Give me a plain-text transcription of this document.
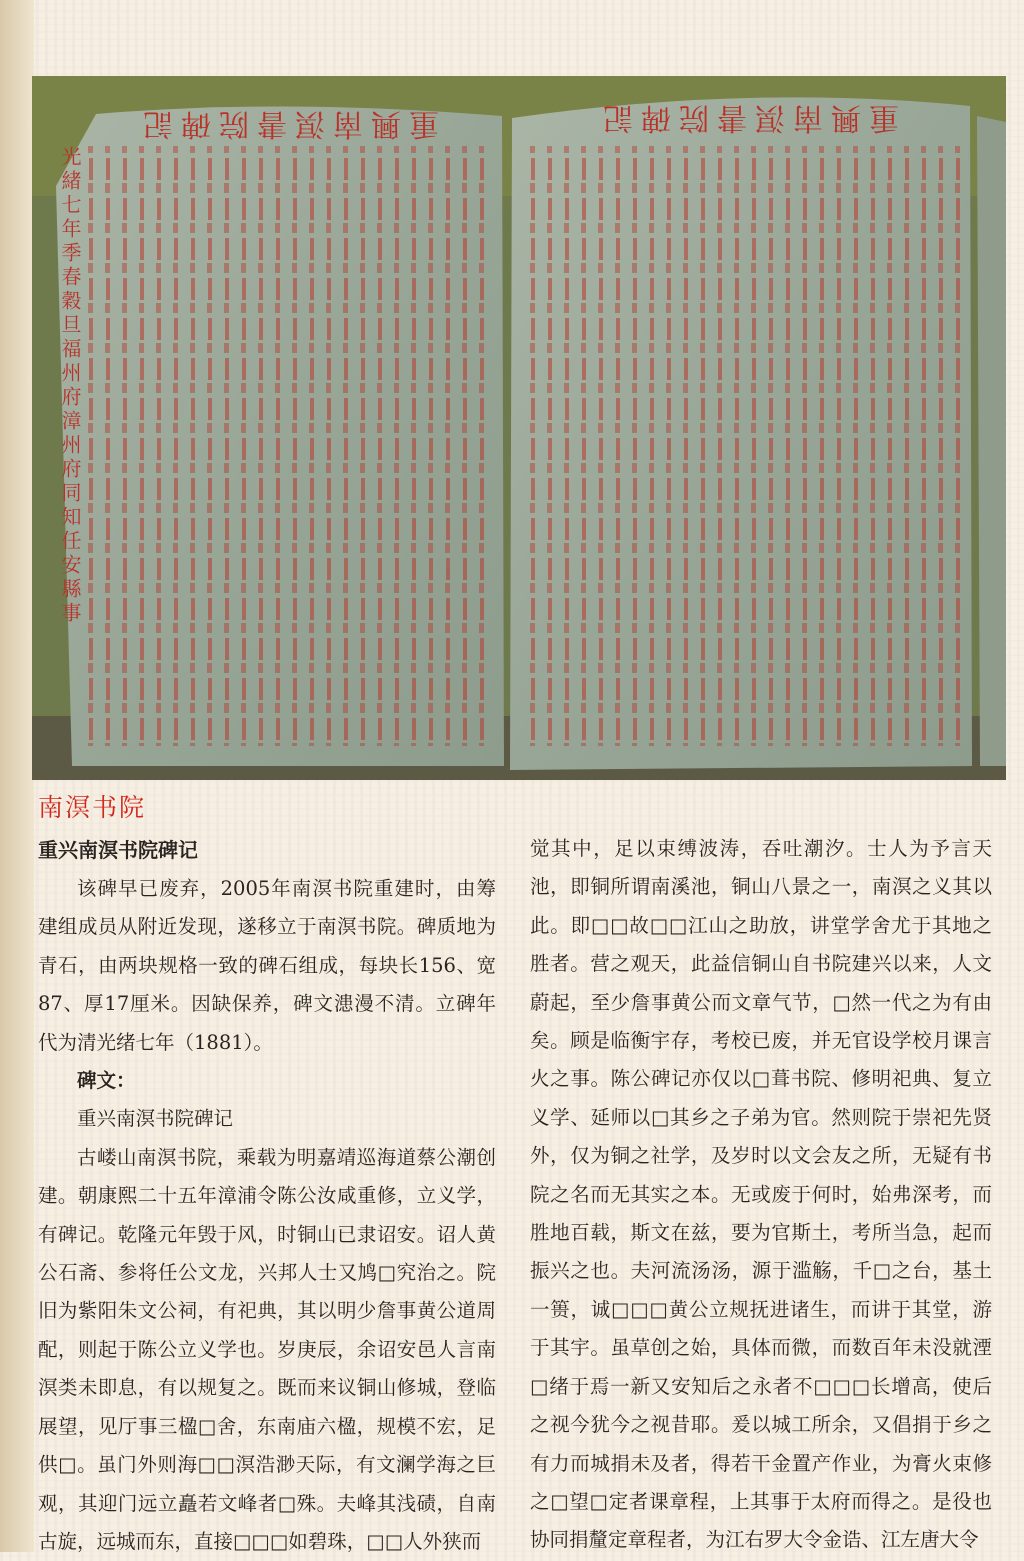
重興南溟書院碑記	重興南溟書院碑記
光緒七年季春穀旦福州府漳州府同知任安縣事
南溟书院

重兴南溟书院碑记

该碑早已废弃，2005年南溟书院重建时，由筹建组成员从附近发现，遂移立于南溟书院。碑质地为青石，由两块规格一致的碑石组成，每块长156、宽87、厚17厘米。因缺保养，碑文漶漫不清。立碑年代为清光绪七年（1881）。

碑文：

重兴南溟书院碑记

古嵝山南溟书院，乘载为明嘉靖巡海道蔡公潮创建。朝康熙二十五年漳浦令陈公汝咸重修，立义学，有碑记。乾隆元年毁于风，时铜山已隶诏安。诏人黄公石斋、参将任公文龙，兴邦人士又鸠□究治之。院旧为紫阳朱文公祠，有祀典，其以明少詹事黄公道周配，则起于陈公立义学也。岁庚辰，余诏安邑人言南溟类未即息，有以规复之。既而来议铜山修城，登临展望，见厅事三楹□舍，东南庙六楹，规模不宏，足供□。虽门外则海□□溟浩渺天际，有文澜学海之巨观，其迎门远立矗若文峰者□殊。夫峰其浅碛，自南古旋，远城而东，直接□□□如碧珠，□□人外狭而

觉其中，足以束缚波涛，吞吐潮汐。士人为予言天池，即铜所谓南溪池，铜山八景之一，南溟之义其以此。即□□故□□江山之助放，讲堂学舍尤于其地之胜者。营之观天，此益信铜山自书院建兴以来，人文蔚起，至少詹事黄公而文章气节，□然一代之为有由矣。顾是临衡宇存，考校已废，并无官设学校月课言火之事。陈公碑记亦仅以□葺书院、修明祀典、复立义学、延师以□其乡之子弟为官。然则院于崇祀先贤外，仅为铜之社学，及岁时以文会友之所，无疑有书院之名而无其实之本。无或废于何时，始弗深考，而胜地百载，斯文在兹，要为官斯土，考所当急，起而振兴之也。夫河流汤汤，源于滥觞，千□之台，基土一篑，诚□□□黄公立规抚进诸生，而讲于其堂，游于其宇。虽草创之始，具体而微，而数百年未没就湮□绪于焉一新又安知后之永者不□□□长增高，使后之视今犹今之视昔耶。爰以城工所余，又倡捐于乡之有力而城捐未及者，得若干金置产作业，为膏火束修之□望□定者课章程，上其事于太府而得之。是役也协同捐釐定章程者，为江右罗大令金诰、江左唐大令
